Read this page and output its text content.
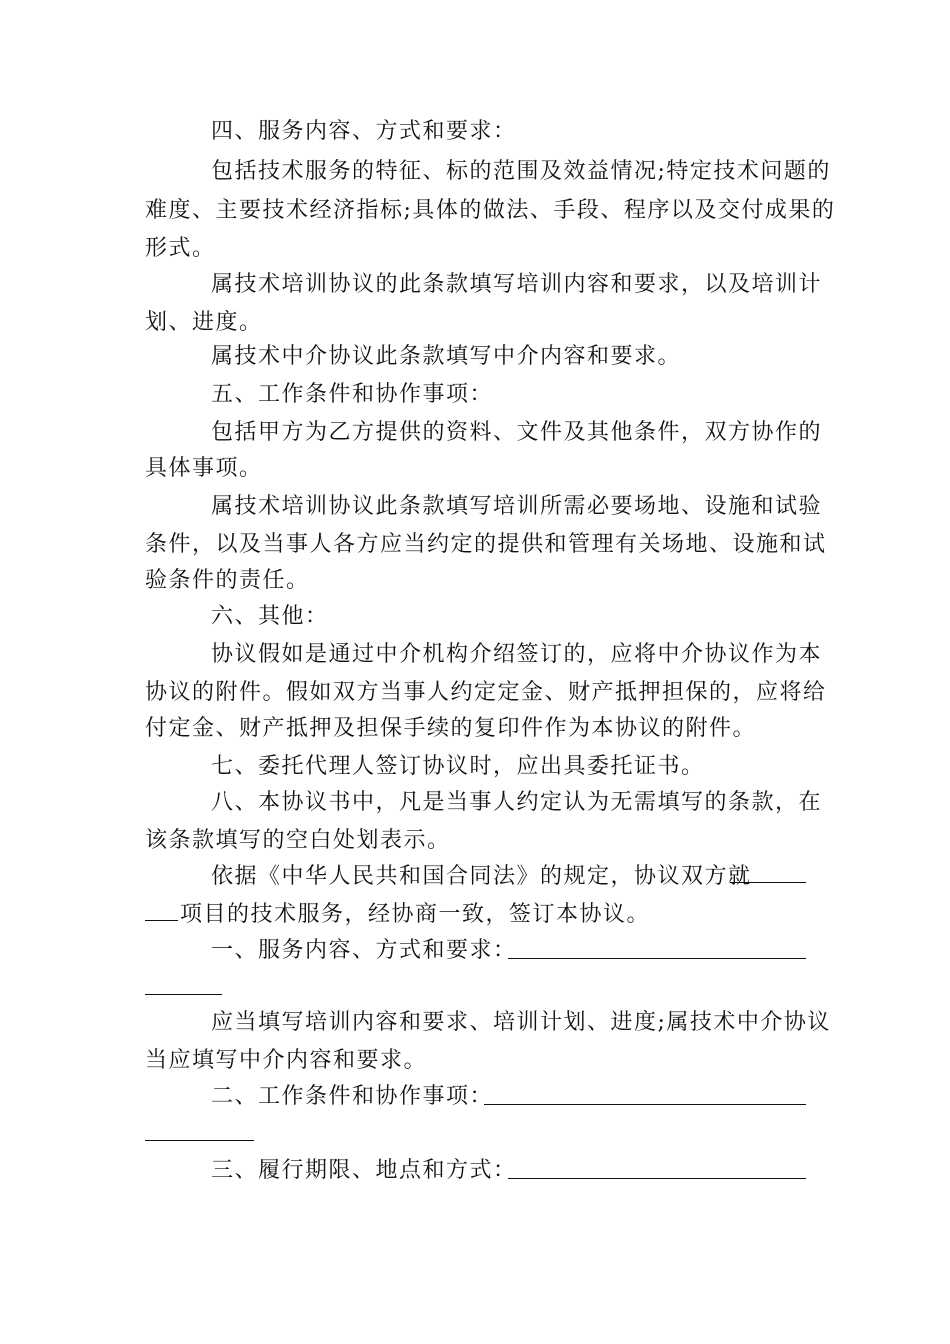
四、服务内容、方式和要求：
包括技术服务的特征、标的范围及效益情况;特定技术问题的
难度、主要技术经济指标;具体的做法、手段、程序以及交付成果的
形式。
属技术培训协议的此条款填写培训内容和要求，以及培训计
划、进度。
属技术中介协议此条款填写中介内容和要求。
五、工作条件和协作事项：
包括甲方为乙方提供的资料、文件及其他条件，双方协作的
具体事项。
属技术培训协议此条款填写培训所需必要场地、设施和试验
条件，以及当事人各方应当约定的提供和管理有关场地、设施和试
验条件的责任。
六、其他：
协议假如是通过中介机构介绍签订的，应将中介协议作为本
协议的附件。假如双方当事人约定定金、财产抵押担保的，应将给
付定金、财产抵押及担保手续的复印件作为本协议的附件。
七、委托代理人签订协议时，应出具委托证书。
八、本协议书中，凡是当事人约定认为无需填写的条款，在
该条款填写的空白处划表示。
依据《中华人民共和国合同法》的规定，协议双方就
项目的技术服务，经协商一致，签订本协议。
一、服务内容、方式和要求：
应当填写培训内容和要求、培训计划、进度;属技术中介协议
当应填写中介内容和要求。
二、工作条件和协作事项：
三、履行期限、地点和方式：
